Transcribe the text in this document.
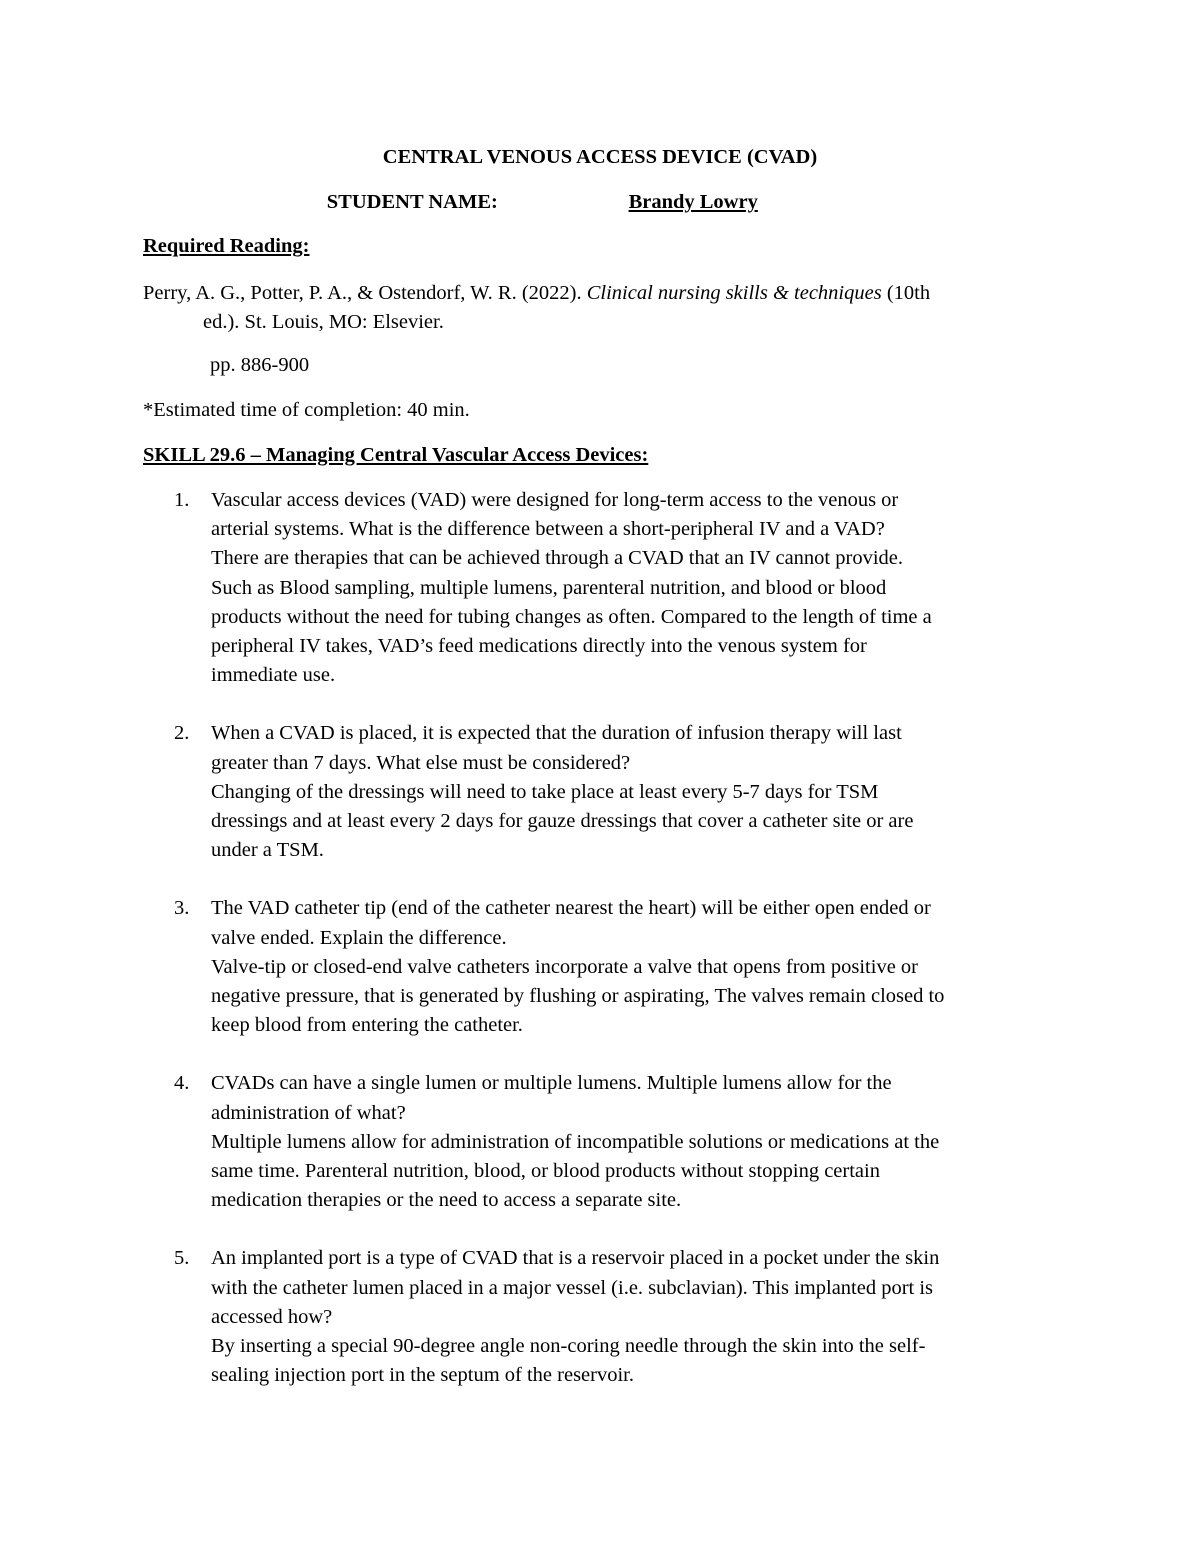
CENTRAL VENOUS ACCESS DEVICE (CVAD)
STUDENT NAME:	Brandy Lowry
Required Reading:
Perry, A. G., Potter, P. A., & Ostendorf, W. R. (2022). Clinical nursing skills & techniques (10th
ed.). St. Louis, MO: Elsevier.
pp. 886-900
*Estimated time of completion: 40 min.
SKILL 29.6 – Managing Central Vascular Access Devices:
1. Vascular access devices (VAD) were designed for long-term access to the venous or
arterial systems. What is the difference between a short-peripheral IV and a VAD?
There are therapies that can be achieved through a CVAD that an IV cannot provide.
Such as Blood sampling, multiple lumens, parenteral nutrition, and blood or blood
products without the need for tubing changes as often. Compared to the length of time a
peripheral IV takes, VAD’s feed medications directly into the venous system for
immediate use.
2. When a CVAD is placed, it is expected that the duration of infusion therapy will last
greater than 7 days. What else must be considered?
Changing of the dressings will need to take place at least every 5-7 days for TSM
dressings and at least every 2 days for gauze dressings that cover a catheter site or are
under a TSM.
3. The VAD catheter tip (end of the catheter nearest the heart) will be either open ended or
valve ended. Explain the difference.
Valve-tip or closed-end valve catheters incorporate a valve that opens from positive or
negative pressure, that is generated by flushing or aspirating, The valves remain closed to
keep blood from entering the catheter.
4. CVADs can have a single lumen or multiple lumens. Multiple lumens allow for the
administration of what?
Multiple lumens allow for administration of incompatible solutions or medications at the
same time. Parenteral nutrition, blood, or blood products without stopping certain
medication therapies or the need to access a separate site.
5. An implanted port is a type of CVAD that is a reservoir placed in a pocket under the skin
with the catheter lumen placed in a major vessel (i.e. subclavian). This implanted port is
accessed how?
By inserting a special 90-degree angle non-coring needle through the skin into the self-
sealing injection port in the septum of the reservoir.
